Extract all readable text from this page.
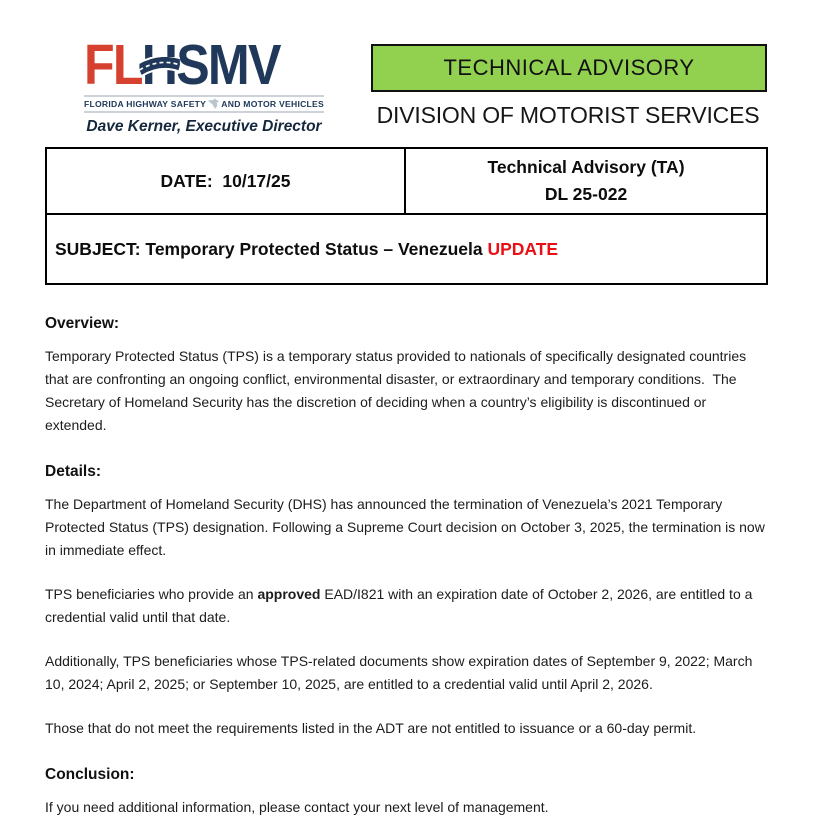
FLH
SMV
FLORIDA HIGHWAY SAFETY AND MOTOR VEHICLES
Dave Kerner, Executive Director
TECHNICAL ADVISORY
DIVISION OF MOTORIST SERVICES
DATE:  10/17/25
Technical Advisory (TA)
DL 25-022
SUBJECT: Temporary Protected Status – Venezuela UPDATE
Overview:

Temporary Protected Status (TPS) is a temporary status provided to nationals of specifically designated countries that are confronting an ongoing conflict, environmental disaster, or extraordinary and temporary conditions.  The Secretary of Homeland Security has the discretion of deciding when a country’s eligibility is discontinued or extended.

Details:

The Department of Homeland Security (DHS) has announced the termination of Venezuela’s 2021 Temporary Protected Status (TPS) designation. Following a Supreme Court decision on October 3, 2025, the termination is now in immediate effect.

TPS beneficiaries who provide an approved EAD/I821 with an expiration date of October 2, 2026, are entitled to a credential valid until that date.

Additionally, TPS beneficiaries whose TPS-related documents show expiration dates of September 9, 2022; March 10, 2024; April 2, 2025; or September 10, 2025, are entitled to a credential valid until April 2, 2026.

Those that do not meet the requirements listed in the ADT are not entitled to issuance or a 60-day permit.

Conclusion:

If you need additional information, please contact your next level of management.
